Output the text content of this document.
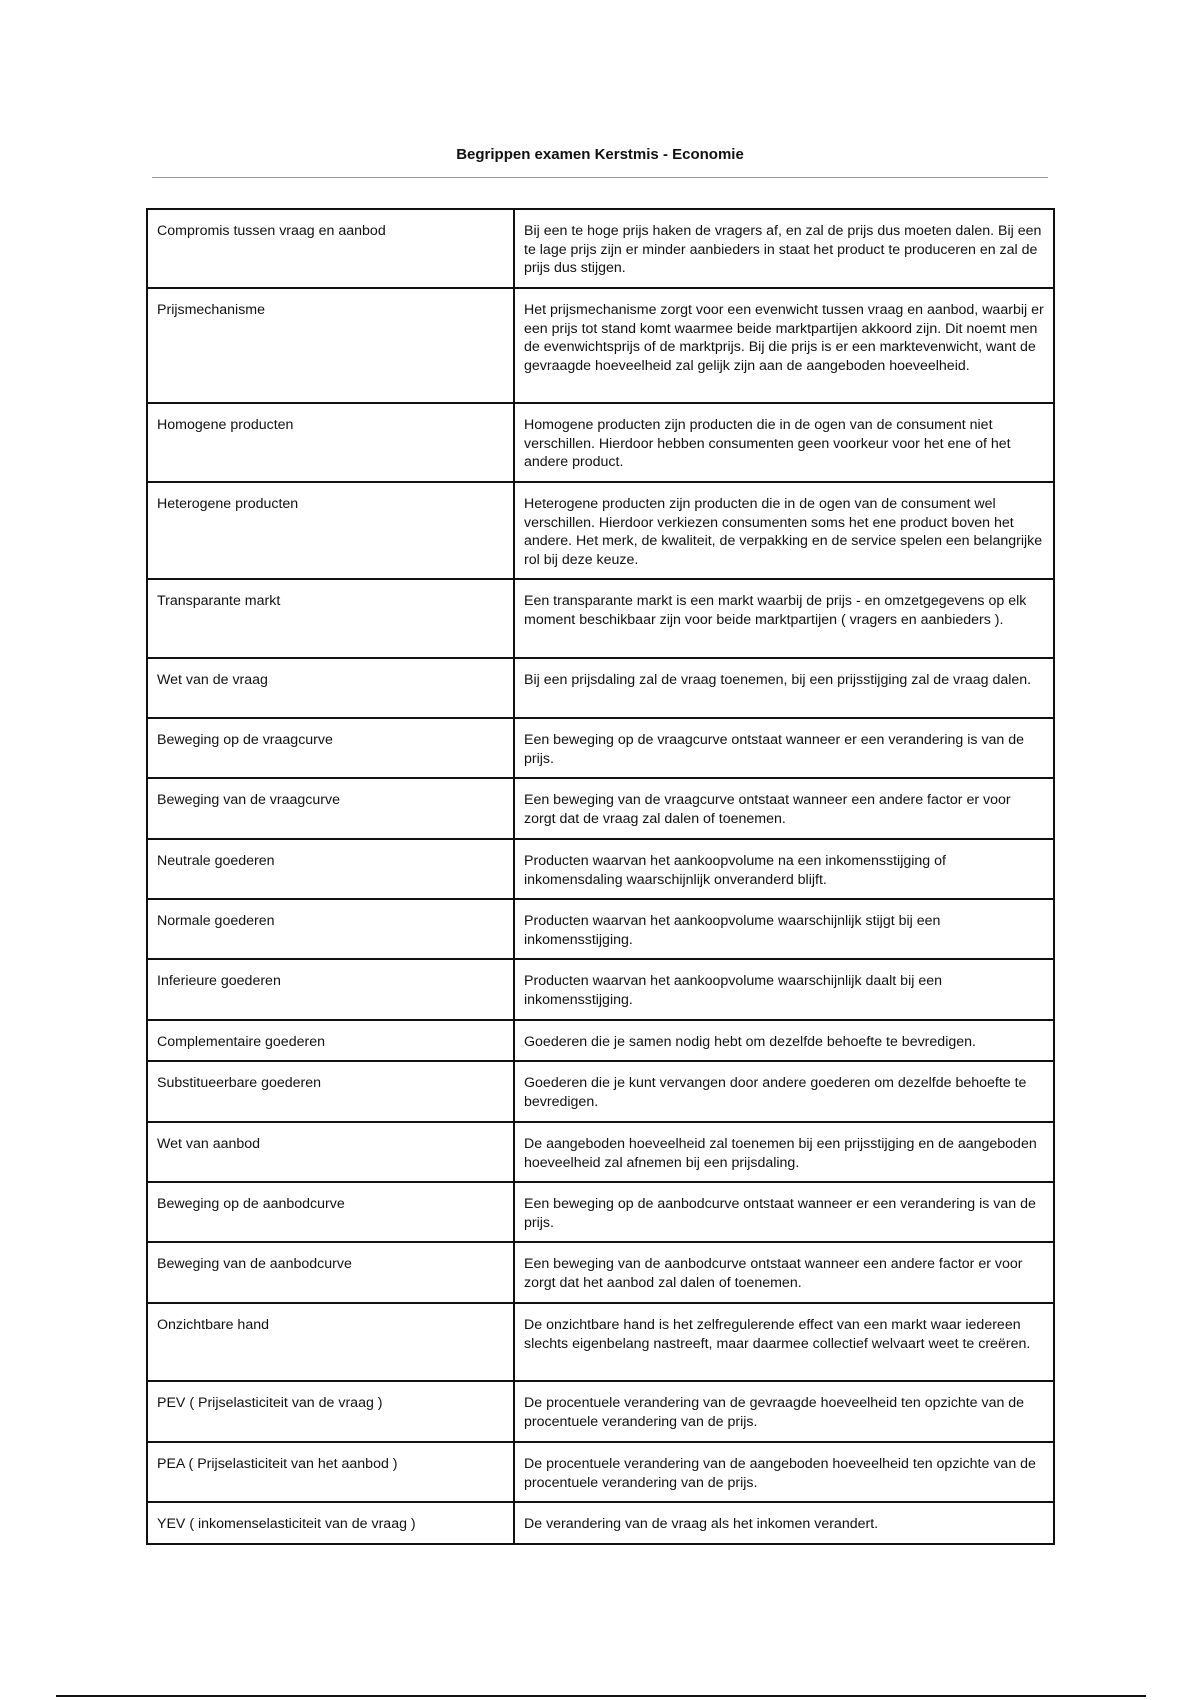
Begrippen examen Kerstmis - Economie
Compromis tussen vraag en aanbod	Bij een te hoge prijs haken de vragers af, en zal de prijs dus moeten dalen. Bij een te lage prijs zijn er minder aanbieders in staat het product te produceren en zal de prijs dus stijgen.
Prijsmechanisme	Het prijsmechanisme zorgt voor een evenwicht tussen vraag en aanbod, waarbij er een prijs tot stand komt waarmee beide marktpartijen akkoord zijn. Dit noemt men de evenwichtsprijs of de marktprijs. Bij die prijs is er een marktevenwicht, want de gevraagde hoeveelheid zal gelijk zijn aan de aangeboden hoeveelheid.
Homogene producten	Homogene producten zijn producten die in de ogen van de consument niet verschillen. Hierdoor hebben consumenten geen voorkeur voor het ene of het andere product.
Heterogene producten	Heterogene producten zijn producten die in de ogen van de consument wel verschillen. Hierdoor verkiezen consumenten soms het ene product boven het andere. Het merk, de kwaliteit, de verpakking en de service spelen een belangrijke rol bij deze keuze.
Transparante markt	Een transparante markt is een markt waarbij de prijs - en omzetgegevens op elk moment beschikbaar zijn voor beide marktpartijen ( vragers en aanbieders ).
Wet van de vraag	Bij een prijsdaling zal de vraag toenemen, bij een prijsstijging zal de vraag dalen.
Beweging op de vraagcurve	Een beweging op de vraagcurve ontstaat wanneer er een verandering is van de prijs.
Beweging van de vraagcurve	Een beweging van de vraagcurve ontstaat wanneer een andere factor er voor zorgt dat de vraag zal dalen of toenemen.
Neutrale goederen	Producten waarvan het aankoopvolume na een inkomensstijging of inkomensdaling waarschijnlijk onveranderd blijft.
Normale goederen	Producten waarvan het aankoopvolume waarschijnlijk stijgt bij een inkomensstijging.
Inferieure goederen	Producten waarvan het aankoopvolume waarschijnlijk daalt bij een inkomensstijging.
Complementaire goederen	Goederen die je samen nodig hebt om dezelfde behoefte te bevredigen.
Substitueerbare goederen	Goederen die je kunt vervangen door andere goederen om dezelfde behoefte te bevredigen.
Wet van aanbod	De aangeboden hoeveelheid zal toenemen bij een prijsstijging en de aangeboden hoeveelheid zal afnemen bij een prijsdaling.
Beweging op de aanbodcurve	Een beweging op de aanbodcurve ontstaat wanneer er een verandering is van de prijs.
Beweging van de aanbodcurve	Een beweging van de aanbodcurve ontstaat wanneer een andere factor er voor zorgt dat het aanbod zal dalen of toenemen.
Onzichtbare hand	De onzichtbare hand is het zelfregulerende effect van een markt waar iedereen slechts eigenbelang nastreeft, maar daarmee collectief welvaart weet te creëren.
PEV ( Prijselasticiteit van de vraag )	De procentuele verandering van de gevraagde hoeveelheid ten opzichte van de procentuele verandering van de prijs.
PEA ( Prijselasticiteit van het aanbod )	De procentuele verandering van de aangeboden hoeveelheid ten opzichte van de procentuele verandering van de prijs.
YEV ( inkomenselasticiteit van de vraag )	De verandering van de vraag als het inkomen verandert.
